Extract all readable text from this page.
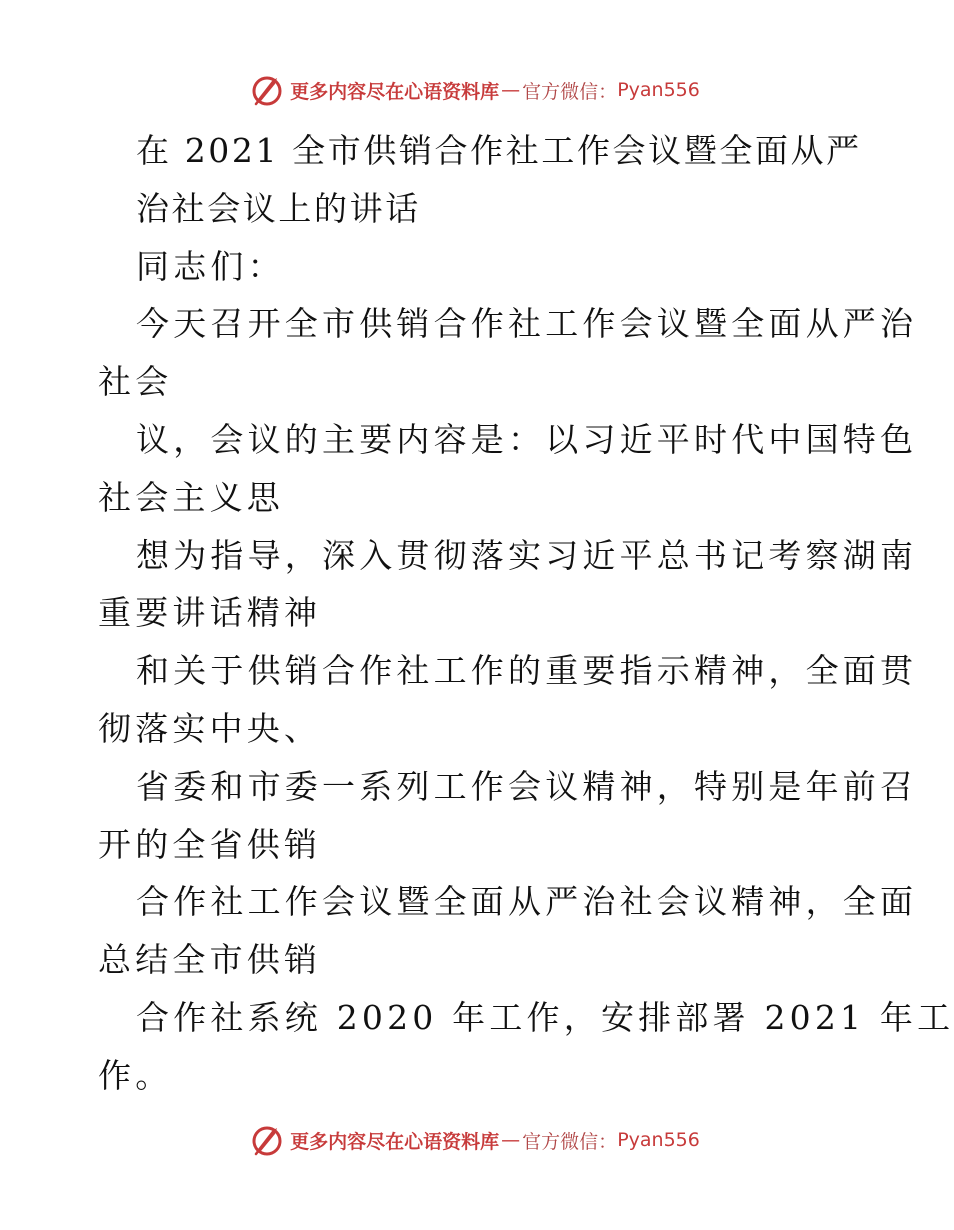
更多内容尽在心语资料库 — 官方微信： Pyan556
在 2021 全市供销合作社工作会议暨全面从严
治社会议上的讲话
同志们：
今天召开全市供销合作社工作会议暨全面从严治
社会
议，会议的主要内容是：以习近平时代中国特色
社会主义思
想为指导，深入贯彻落实习近平总书记考察湖南
重要讲话精神
和关于供销合作社工作的重要指示精神，全面贯
彻落实中央、
省委和市委一系列工作会议精神，特别是年前召
开的全省供销
合作社工作会议暨全面从严治社会议精神，全面
总结全市供销
合作社系统 2020 年工作，安排部署 2021 年工
作。
更多内容尽在心语资料库 — 官方微信： Pyan556
